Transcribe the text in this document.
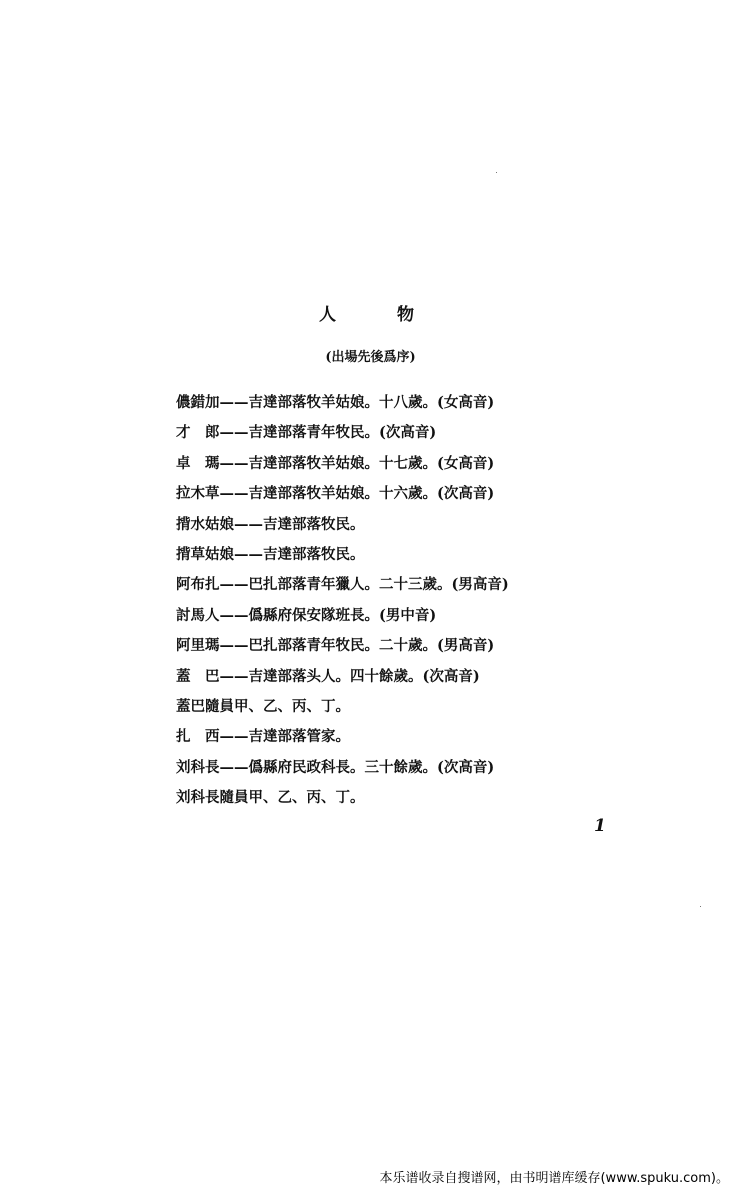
人　物
(出場先後爲序)
儂錯加——吉達部落牧羊姑娘。十八歲。(女高音)
才　郎——吉達部落青年牧民。(次高音)
卓　瑪——吉達部落牧羊姑娘。十七歲。(女高音)
拉木草——吉達部落牧羊姑娘。十六歲。(次高音)
揹水姑娘——吉達部落牧民。
揹草姑娘——吉達部落牧民。
阿布扎——巴扎部落青年獵人。二十三歲。(男高音)
討馬人——僞縣府保安隊班長。(男中音)
阿里瑪——巴扎部落青年牧民。二十歲。(男高音)
蓋　巴——吉達部落头人。四十餘歲。(次高音)
蓋巴隨員甲、乙、丙、丁。
扎　西——吉達部落管家。
刘科長——僞縣府民政科長。三十餘歲。(次高音)
刘科長隨員甲、乙、丙、丁。
1
本乐谱收录自搜谱网，由书明谱库缓存(www.spuku.com)。
